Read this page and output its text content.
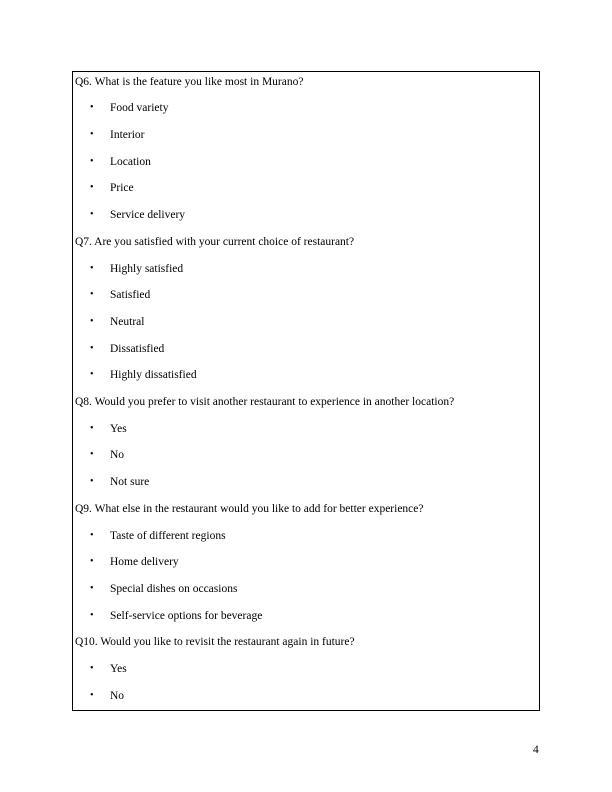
Q6. What is the feature you like most in Murano?
• Food variety
• Interior
• Location
• Price
• Service delivery
Q7. Are you satisfied with your current choice of restaurant?
• Highly satisfied
• Satisfied
• Neutral
• Dissatisfied
• Highly dissatisfied
Q8. Would you prefer to visit another restaurant to experience in another location?
• Yes
• No
• Not sure
Q9. What else in the restaurant would you like to add for better experience?
• Taste of different regions
• Home delivery
• Special dishes on occasions
• Self-service options for beverage
Q10. Would you like to revisit the restaurant again in future?
• Yes
• No
4
